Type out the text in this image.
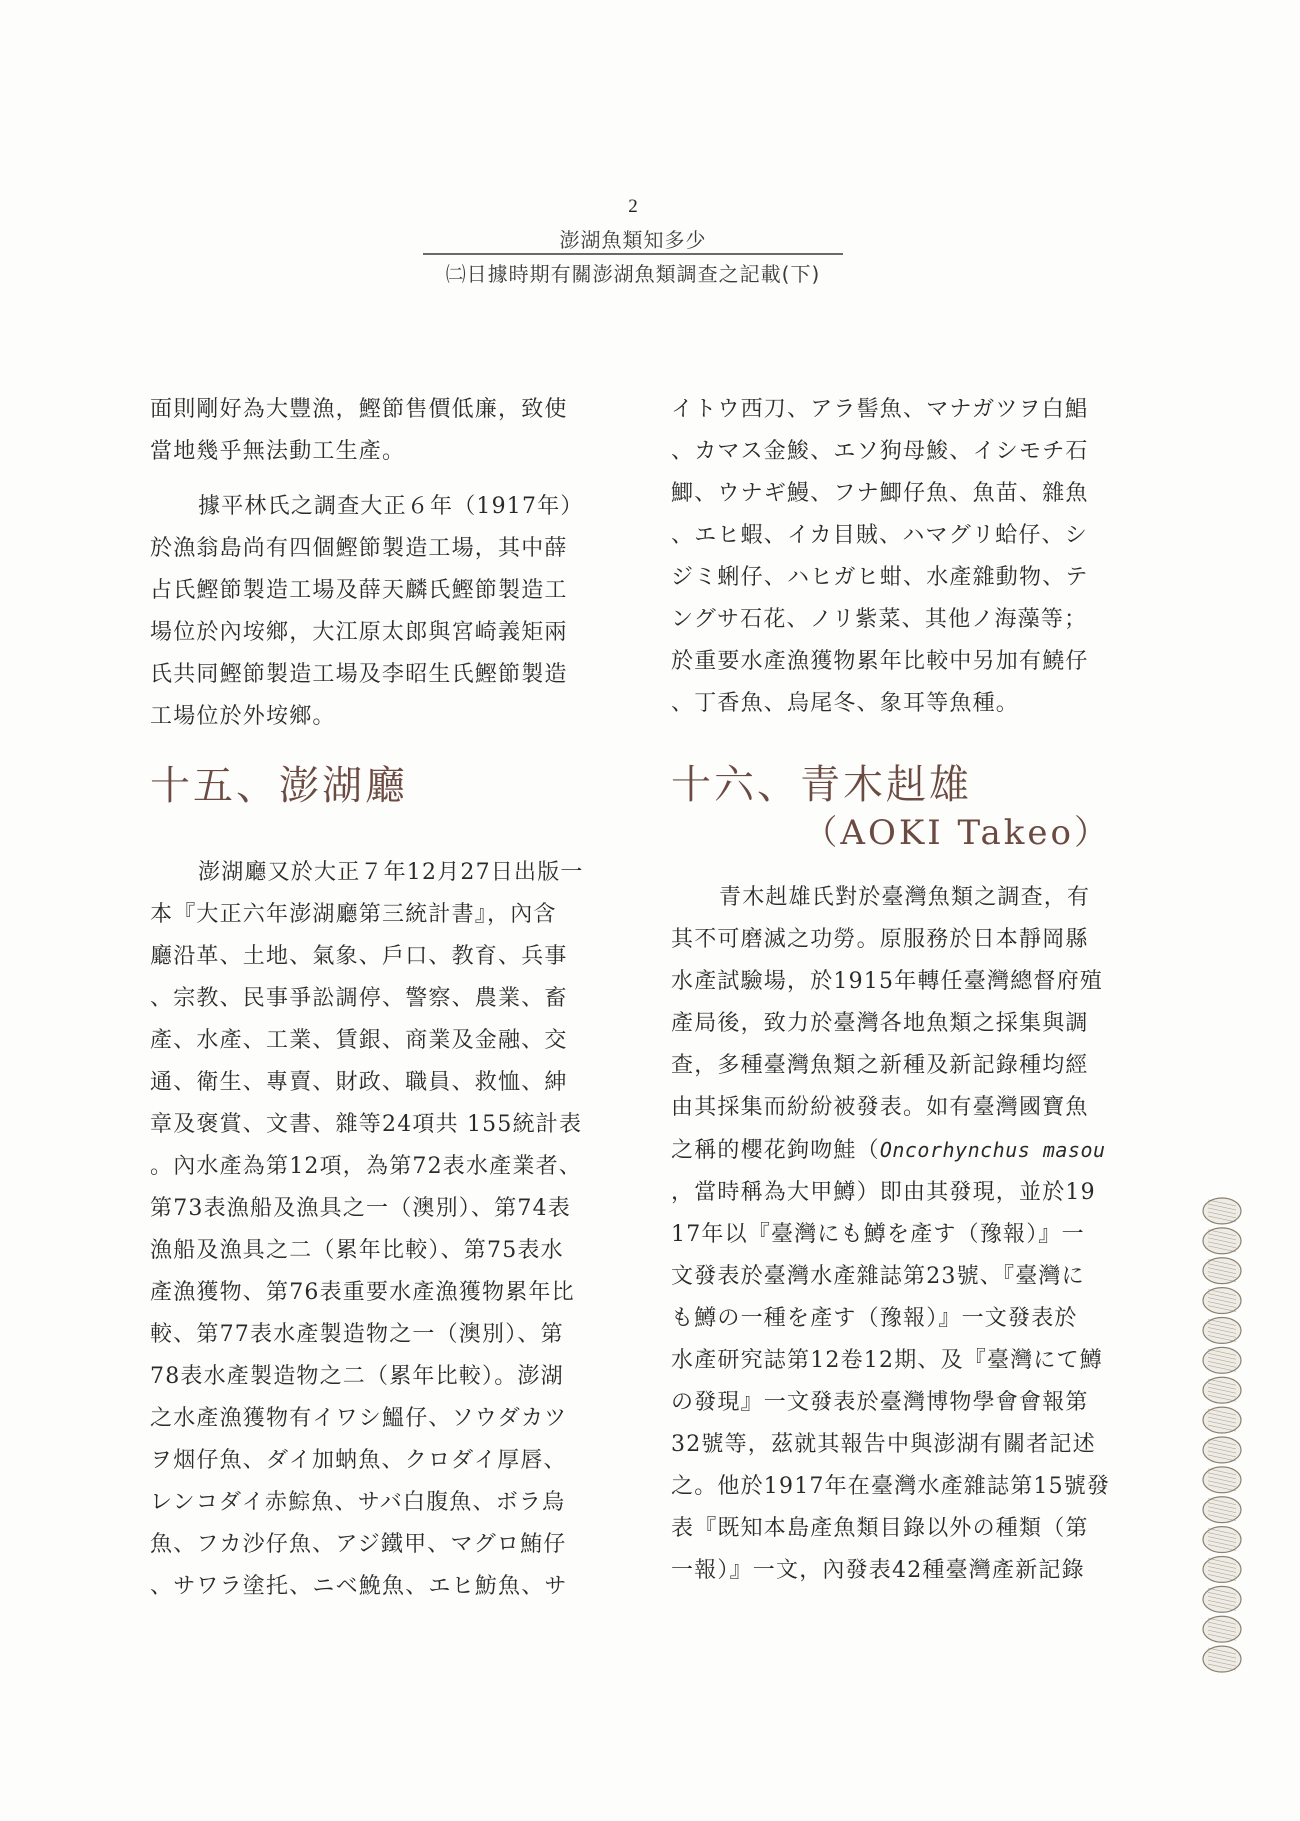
2
澎湖魚類知多少
㈡日據時期有關澎湖魚類調查之記載(下)

面則剛好為大豐漁，鰹節售價低廉，致使

當地幾乎無法動工生產。

據平林氏之調查大正６年（1917年）

於漁翁島尚有四個鰹節製造工場，其中薛

占氏鰹節製造工場及薛天麟氏鰹節製造工

場位於內垵鄉，大江原太郎與宮崎義矩兩

氏共同鰹節製造工場及李昭生氏鰹節製造

工場位於外垵鄉。

十五、澎湖廳

澎湖廳又於大正７年12月27日出版一

本『大正六年澎湖廳第三統計書』，內含

廳沿革、土地、氣象、戶口、教育、兵事

、宗教、民事爭訟調停、警察、農業、畜

產、水產、工業、賃銀、商業及金融、交

通、衛生、專賣、財政、職員、救恤、紳

章及褒賞、文書、雜等24項共 155統計表

。內水產為第12項，為第72表水產業者、

第73表漁船及漁具之一（澳別）、第74表

漁船及漁具之二（累年比較）、第75表水

產漁獲物、第76表重要水產漁獲物累年比

較、第77表水產製造物之一（澳別）、第

78表水產製造物之二（累年比較）。澎湖

之水產漁獲物有イワシ鰮仔、ソウダカツ

ヲ烟仔魚、ダイ加蚋魚、クロダイ厚唇、

レンコダイ赤鯮魚、サバ白腹魚、ボラ烏

魚、フカ沙仔魚、アジ鐵甲、マグロ鮪仔

、サワラ塗托、ニベ鮸魚、エヒ魴魚、サ

イトウ西刀、アラ髻魚、マナガツヲ白鯧

、カマス金鮻、エソ狗母鮻、イシモチ石

鯽、ウナギ鰻、フナ鯽仔魚、魚苗、雜魚

、エヒ蝦、イカ目賊、ハマグリ蛤仔、シ

ジミ蜊仔、ハヒガヒ蚶、水產雜動物、テ

ングサ石花、ノリ紫菜、其他ノ海藻等；

於重要水產漁獲物累年比較中另加有鱙仔

、丁香魚、烏尾冬、象耳等魚種。

十六、青木赳雄
（AOKI Takeo）

青木赳雄氏對於臺灣魚類之調查，有

其不可磨滅之功勞。原服務於日本靜岡縣

水產試驗場，於1915年轉任臺灣總督府殖

產局後，致力於臺灣各地魚類之採集與調

查，多種臺灣魚類之新種及新記錄種均經

由其採集而紛紛被發表。如有臺灣國寶魚

之稱的櫻花鉤吻鮭（Oncorhynchus masou

，當時稱為大甲鱒）即由其發現，並於19

17年以『臺灣にも鱒を產す（豫報）』一

文發表於臺灣水產雜誌第23號、『臺灣に

も鱒の一種を產す（豫報）』一文發表於

水產研究誌第12卷12期、及『臺灣にて鱒

の發現』一文發表於臺灣博物學會會報第

32號等，茲就其報告中與澎湖有關者記述

之。他於1917年在臺灣水產雜誌第15號發

表『既知本島產魚類目錄以外の種類（第

一報）』一文，內發表42種臺灣產新記錄
